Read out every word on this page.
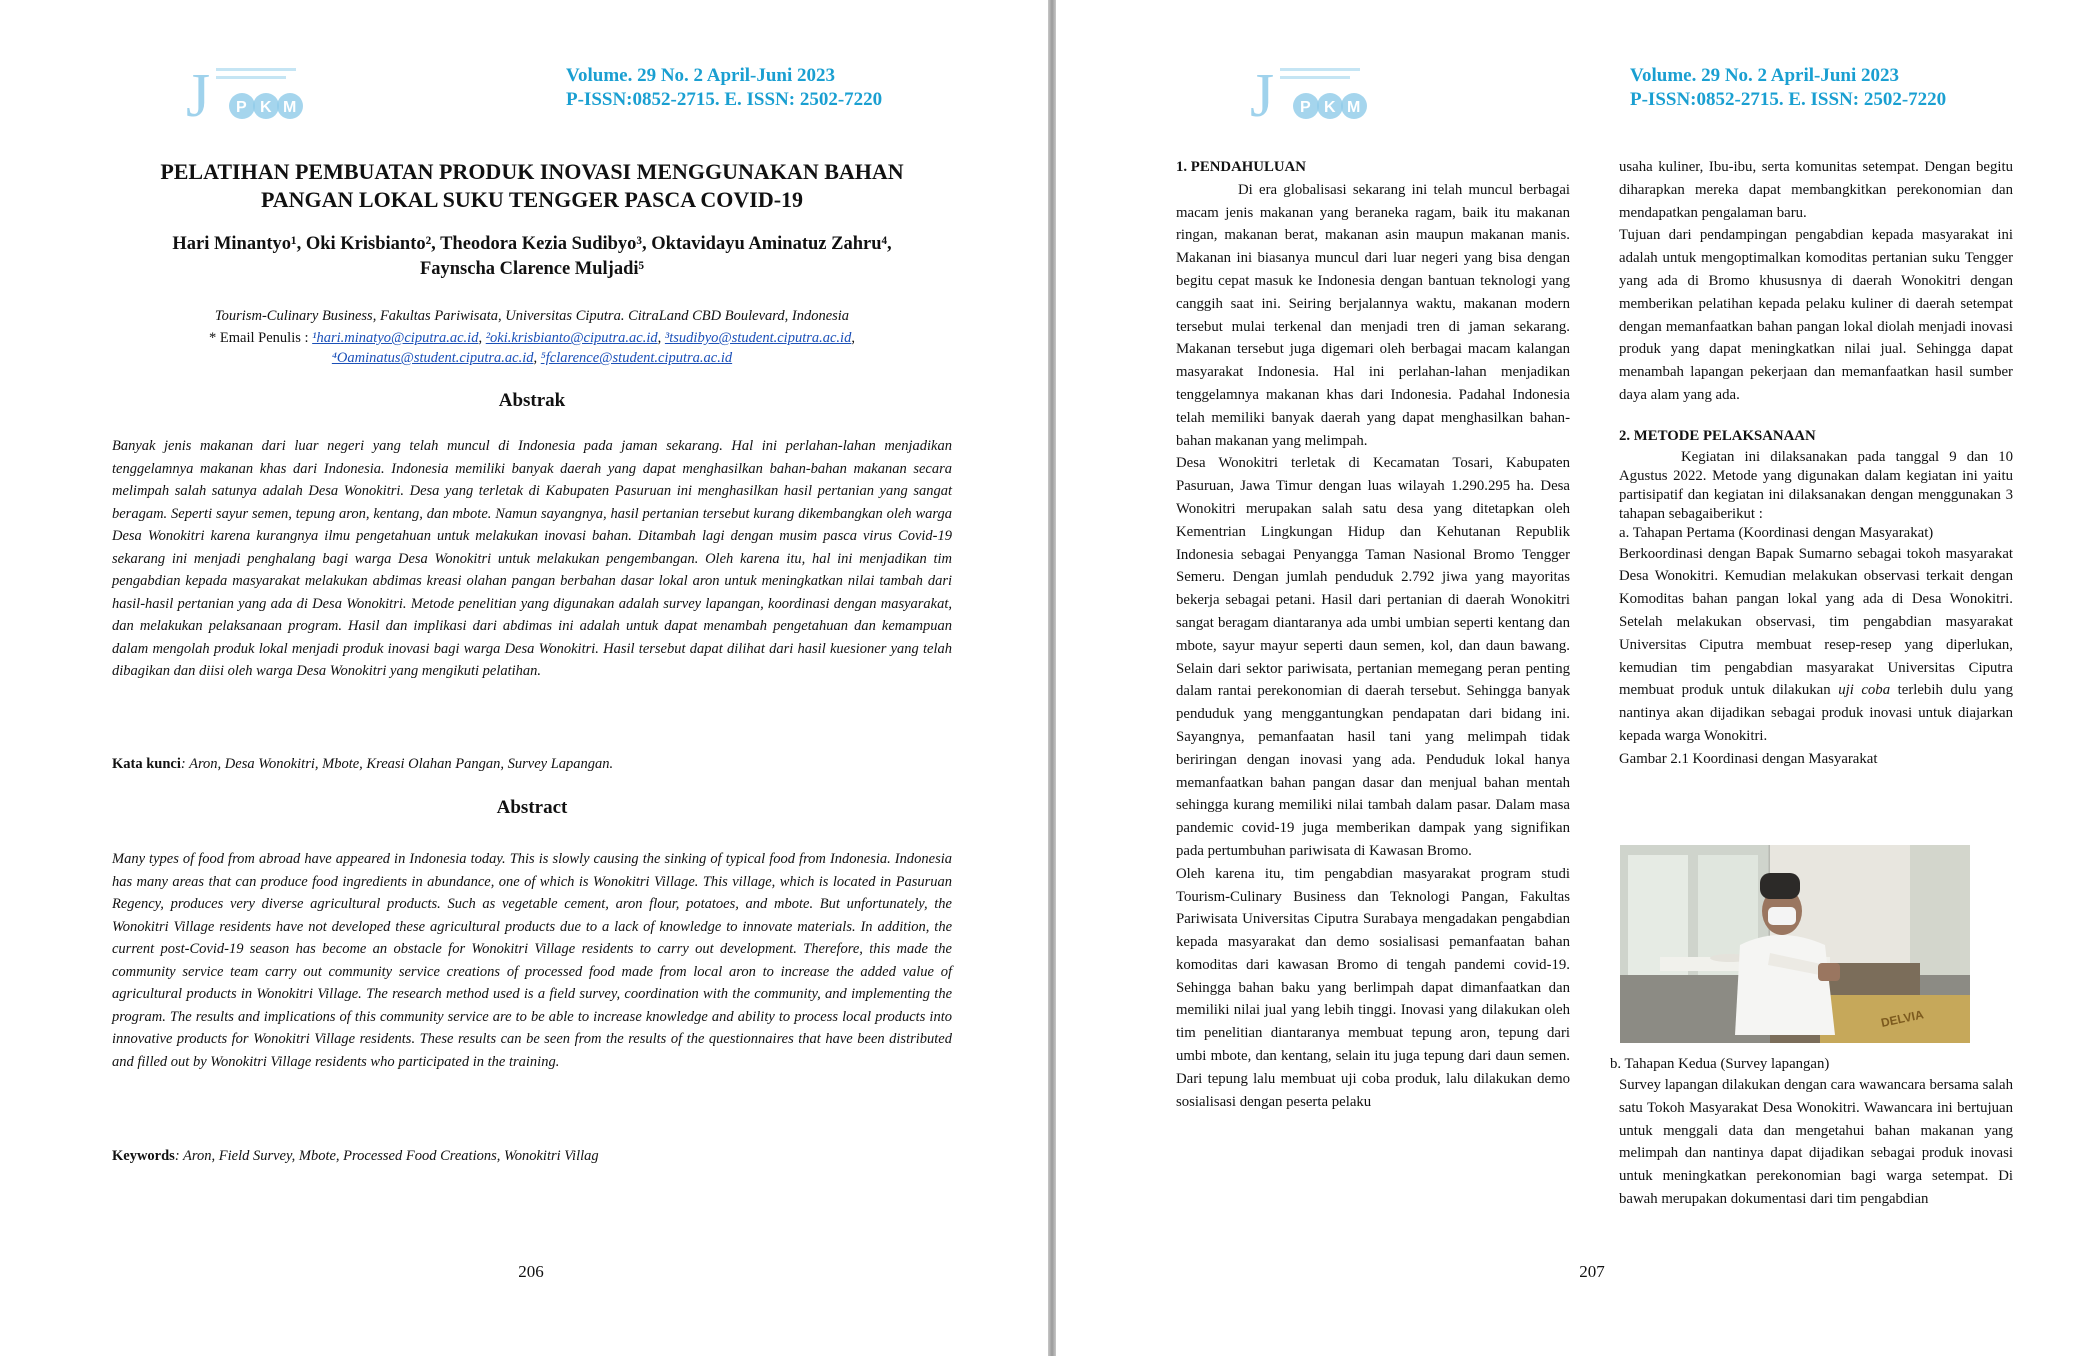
J P K M
Volume. 29 No. 2 April-Juni 2023
P-ISSN:0852-2715. E. ISSN: 2502-7220
PELATIHAN PEMBUATAN PRODUK INOVASI MENGGUNAKAN BAHAN
PANGAN LOKAL SUKU TENGGER PASCA COVID-19
Hari Minantyo¹, Oki Krisbianto², Theodora Kezia Sudibyo³, Oktavidayu Aminatuz Zahru⁴,
Faynscha Clarence Muljadi⁵
Tourism-Culinary Business, Fakultas Pariwisata, Universitas Ciputra. CitraLand CBD Boulevard, Indonesia
* Email Penulis : ¹hari.minatyo@ciputra.ac.id, ²oki.krisbianto@ciputra.ac.id, ³tsudibyo@student.ciputra.ac.id,
⁴Oaminatus@student.ciputra.ac.id, ⁵fclarence@student.ciputra.ac.id
Abstrak
Banyak jenis makanan dari luar negeri yang telah muncul di Indonesia pada jaman sekarang. Hal ini perlahan-lahan menjadikan tenggelamnya makanan khas dari Indonesia. Indonesia memiliki banyak daerah yang dapat menghasilkan bahan-bahan makanan secara melimpah salah satunya adalah Desa Wonokitri. Desa yang terletak di Kabupaten Pasuruan ini menghasilkan hasil pertanian yang sangat beragam. Seperti sayur semen, tepung aron, kentang, dan mbote. Namun sayangnya, hasil pertanian tersebut kurang dikembangkan oleh warga Desa Wonokitri karena kurangnya ilmu pengetahuan untuk melakukan inovasi bahan. Ditambah lagi dengan musim pasca virus Covid-19 sekarang ini menjadi penghalang bagi warga Desa Wonokitri untuk melakukan pengembangan. Oleh karena itu, hal ini menjadikan tim pengabdian kepada masyarakat melakukan abdimas kreasi olahan pangan berbahan dasar lokal aron untuk meningkatkan nilai tambah dari hasil-hasil pertanian yang ada di Desa Wonokitri. Metode penelitian yang digunakan adalah survey lapangan, koordinasi dengan masyarakat, dan melakukan pelaksanaan program. Hasil dan implikasi dari abdimas ini adalah untuk dapat menambah pengetahuan dan kemampuan dalam mengolah produk lokal menjadi produk inovasi bagi warga Desa Wonokitri. Hasil tersebut dapat dilihat dari hasil kuesioner yang telah dibagikan dan diisi oleh warga Desa Wonokitri yang mengikuti pelatihan.
Kata kunci: Aron, Desa Wonokitri, Mbote, Kreasi Olahan Pangan, Survey Lapangan.
Abstract
Many types of food from abroad have appeared in Indonesia today. This is slowly causing the sinking of typical food from Indonesia. Indonesia has many areas that can produce food ingredients in abundance, one of which is Wonokitri Village. This village, which is located in Pasuruan Regency, produces very diverse agricultural products. Such as vegetable cement, aron flour, potatoes, and mbote. But unfortunately, the Wonokitri Village residents have not developed these agricultural products due to a lack of knowledge to innovate materials. In addition, the current post-Covid-19 season has become an obstacle for Wonokitri Village residents to carry out development. Therefore, this made the community service team carry out community service creations of processed food made from local aron to increase the added value of agricultural products in Wonokitri Village. The research method used is a field survey, coordination with the community, and implementing the program. The results and implications of this community service are to be able to increase knowledge and ability to process local products into innovative products for Wonokitri Village residents. These results can be seen from the results of the questionnaires that have been distributed and filled out by Wonokitri Village residents who participated in the training.
Keywords: Aron, Field Survey, Mbote, Processed Food Creations, Wonokitri Villag
206
J P K M
Volume. 29 No. 2 April-Juni 2023
P-ISSN:0852-2715. E. ISSN: 2502-7220
207

1. PENDAHULUAN

Di era globalisasi sekarang ini telah muncul berbagai macam jenis makanan yang beraneka ragam, baik itu makanan ringan, makanan berat, makanan asin maupun makanan manis. Makanan ini biasanya muncul dari luar negeri yang bisa dengan begitu cepat masuk ke Indonesia dengan bantuan teknologi yang canggih saat ini. Seiring berjalannya waktu, makanan modern tersebut mulai terkenal dan menjadi tren di jaman sekarang. Makanan tersebut juga digemari oleh berbagai macam kalangan masyarakat Indonesia. Hal ini perlahan-lahan menjadikan tenggelamnya makanan khas dari Indonesia. Padahal Indonesia telah memiliki banyak daerah yang dapat menghasilkan bahan-bahan makanan yang melimpah.

Desa Wonokitri terletak di Kecamatan Tosari, Kabupaten Pasuruan, Jawa Timur dengan luas wilayah 1.290.295 ha. Desa Wonokitri merupakan salah satu desa yang ditetapkan oleh Kementrian Lingkungan Hidup dan Kehutanan Republik Indonesia sebagai Penyangga Taman Nasional Bromo Tengger Semeru. Dengan jumlah penduduk 2.792 jiwa yang mayoritas bekerja sebagai petani. Hasil dari pertanian di daerah Wonokitri sangat beragam diantaranya ada umbi umbian seperti kentang dan mbote, sayur mayur seperti daun semen, kol, dan daun bawang. Selain dari sektor pariwisata, pertanian memegang peran penting dalam rantai perekonomian di daerah tersebut. Sehingga banyak penduduk yang menggantungkan pendapatan dari bidang ini. Sayangnya, pemanfaatan hasil tani yang melimpah tidak beriringan dengan inovasi yang ada. Penduduk lokal hanya memanfaatkan bahan pangan dasar dan menjual bahan mentah sehingga kurang memiliki nilai tambah dalam pasar. Dalam masa pandemic covid-19 juga memberikan dampak yang signifikan pada pertumbuhan pariwisata di Kawasan Bromo.

Oleh karena itu, tim pengabdian masyarakat program studi Tourism-Culinary Business dan Teknologi Pangan, Fakultas Pariwisata Universitas Ciputra Surabaya mengadakan pengabdian kepada masyarakat dan demo sosialisasi pemanfaatan bahan komoditas dari kawasan Bromo di tengah pandemi covid-19. Sehingga bahan baku yang berlimpah dapat dimanfaatkan dan memiliki nilai jual yang lebih tinggi. Inovasi yang dilakukan oleh tim penelitian diantaranya membuat tepung aron, tepung dari umbi mbote, dan kentang, selain itu juga tepung dari daun semen. Dari tepung lalu membuat uji coba produk, lalu dilakukan demo sosialisasi dengan peserta pelaku

usaha kuliner, Ibu-ibu, serta komunitas setempat. Dengan begitu diharapkan mereka dapat membangkitkan perekonomian dan mendapatkan pengalaman baru.

Tujuan dari pendampingan pengabdian kepada masyarakat ini adalah untuk mengoptimalkan komoditas pertanian suku Tengger yang ada di Bromo khususnya di daerah Wonokitri dengan memberikan pelatihan kepada pelaku kuliner di daerah setempat dengan memanfaatkan bahan pangan lokal diolah menjadi inovasi produk yang dapat meningkatkan nilai jual. Sehingga dapat menambah lapangan pekerjaan dan memanfaatkan hasil sumber daya alam yang ada.

2. METODE PELAKSANAAN

Kegiatan ini dilaksanakan pada tanggal 9 dan 10 Agustus 2022. Metode yang digunakan dalam kegiatan ini yaitu partisipatif dan kegiatan ini dilaksanakan dengan menggunakan 3 tahapan sebagaiberikut :

a. Tahapan Pertama (Koordinasi dengan Masyarakat)

Berkoordinasi dengan Bapak Sumarno sebagai tokoh masyarakat Desa Wonokitri. Kemudian melakukan observasi terkait dengan Komoditas bahan pangan lokal yang ada di Desa Wonokitri. Setelah melakukan observasi, tim pengabdian masyarakat Universitas Ciputra membuat resep-resep yang diperlukan, kemudian tim pengabdian masyarakat Universitas Ciputra membuat produk untuk dilakukan uji coba terlebih dulu yang nantinya akan dijadikan sebagai produk inovasi untuk diajarkan kepada warga Wonokitri.

Gambar 2.1 Koordinasi dengan Masyarakat

DELVIA

b. Tahapan Kedua (Survey lapangan)

Survey lapangan dilakukan dengan cara wawancara bersama salah satu Tokoh Masyarakat Desa Wonokitri. Wawancara ini bertujuan untuk menggali data dan mengetahui bahan makanan yang melimpah dan nantinya dapat dijadikan sebagai produk inovasi untuk meningkatkan perekonomian bagi warga setempat. Di bawah merupakan dokumentasi dari tim pengabdian
